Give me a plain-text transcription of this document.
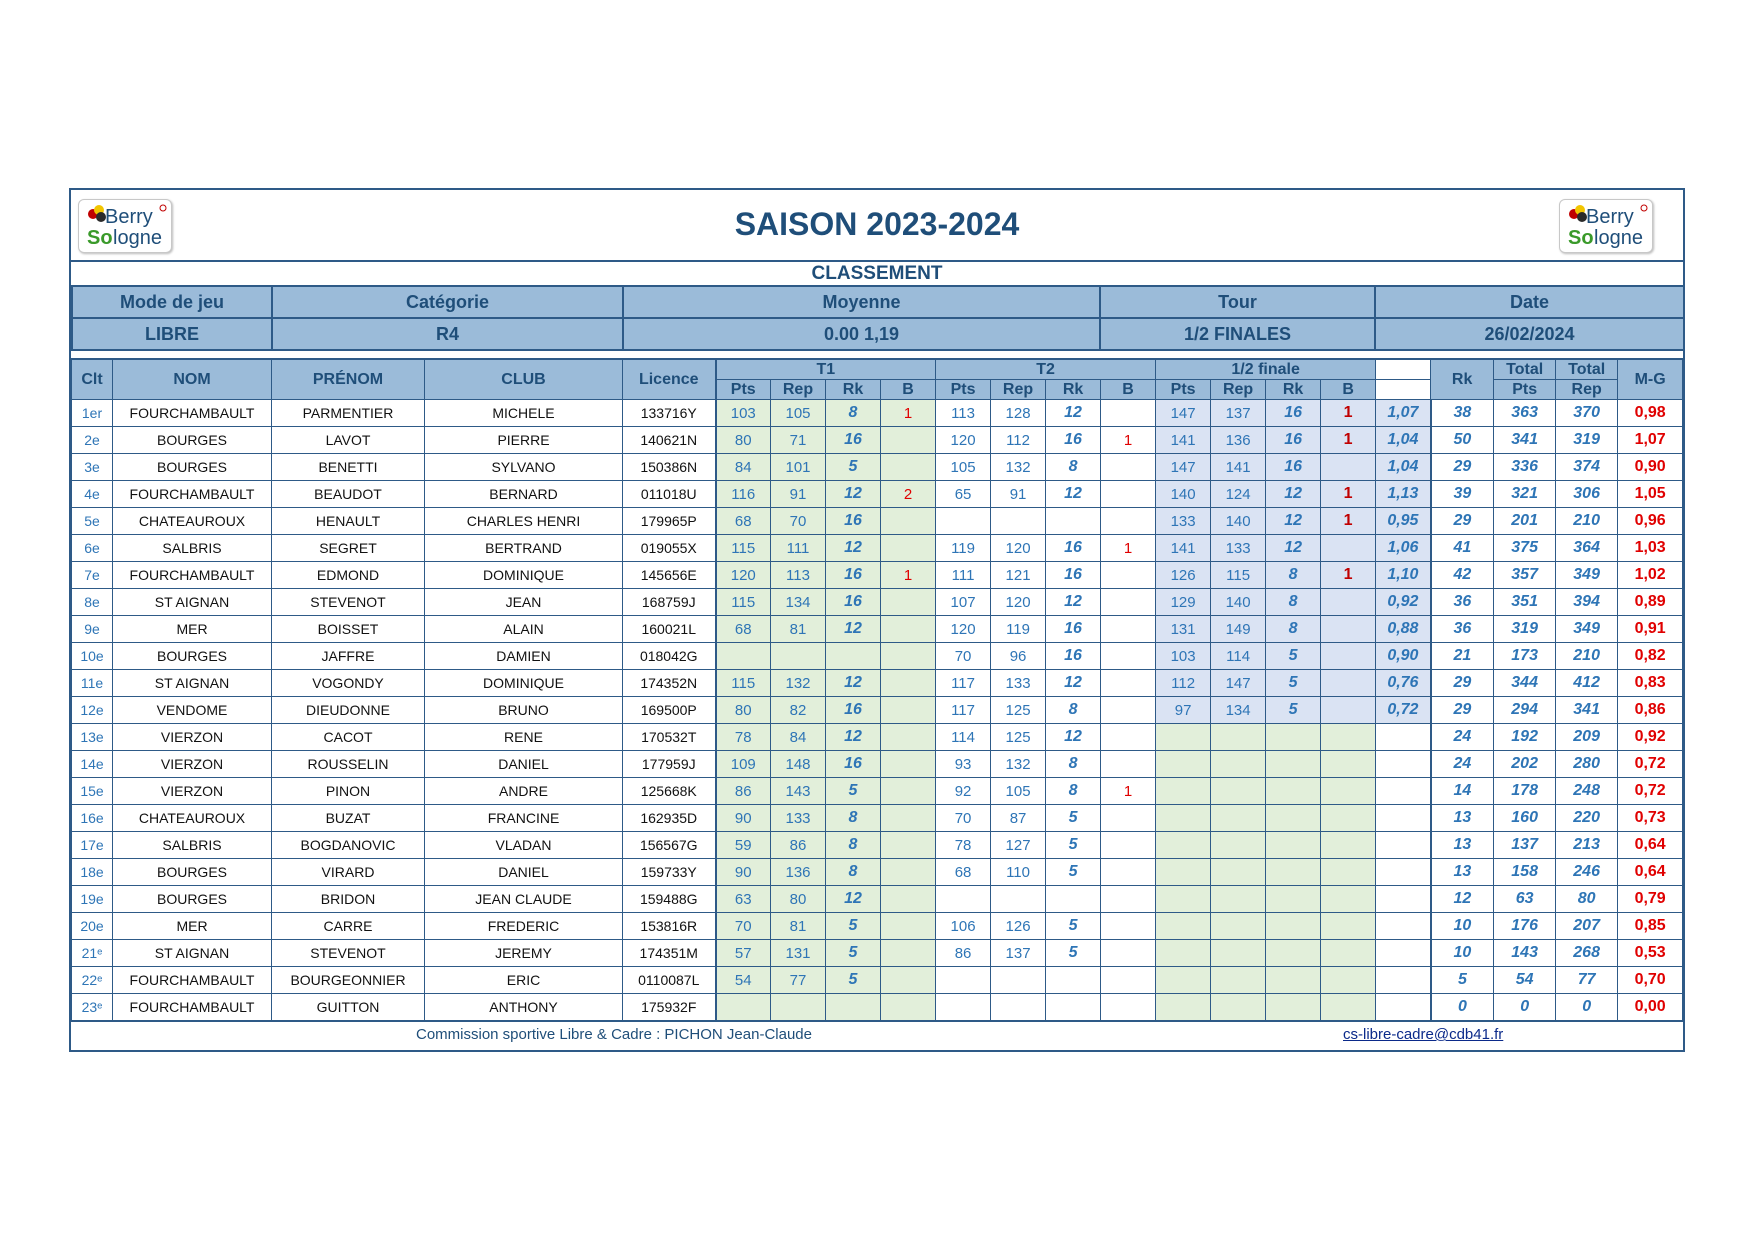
Berry
So logne	SAISON 2023-2024	Berry
So logne
CLASSEMENT
Mode de jeu	Catégorie	Moyenne	Tour	Date
LIBRE	R4	0.00 1,19	1/2 FINALES	26/02/2024
Clt	NOM	PRÉNOM	CLUB	Licence	T1				T2				1/2 finale					Rk	Total	Total	M-G
					Pts	Rep	Rk	B	Pts	Rep	Rk	B	Pts	Rep	Rk	B			Pts	Rep	
1er	FOURCHAMBAULT	PARMENTIER	MICHELE	133716Y	103	105	8	1	113	128	12		147	137	16	1	1,07	38	363	370	0,98
2e	BOURGES	LAVOT	PIERRE	140621N	80	71	16		120	112	16	1	141	136	16	1	1,04	50	341	319	1,07
3e	BOURGES	BENETTI	SYLVANO	150386N	84	101	5		105	132	8		147	141	16		1,04	29	336	374	0,90
4e	FOURCHAMBAULT	BEAUDOT	BERNARD	011018U	116	91	12	2	65	91	12		140	124	12	1	1,13	39	321	306	1,05
5e	CHATEAUROUX	HENAULT	CHARLES HENRI	179965P	68	70	16						133	140	12	1	0,95	29	201	210	0,96
6e	SALBRIS	SEGRET	BERTRAND	019055X	115	111	12		119	120	16	1	141	133	12		1,06	41	375	364	1,03
7e	FOURCHAMBAULT	EDMOND	DOMINIQUE	145656E	120	113	16	1	111	121	16		126	115	8	1	1,10	42	357	349	1,02
8e	ST AIGNAN	STEVENOT	JEAN	168759J	115	134	16		107	120	12		129	140	8		0,92	36	351	394	0,89
9e	MER	BOISSET	ALAIN	160021L	68	81	12		120	119	16		131	149	8		0,88	36	319	349	0,91
10e	BOURGES	JAFFRE	DAMIEN	018042G					70	96	16		103	114	5		0,90	21	173	210	0,82
11e	ST AIGNAN	VOGONDY	DOMINIQUE	174352N	115	132	12		117	133	12		112	147	5		0,76	29	344	412	0,83
12e	VENDOME	DIEUDONNE	BRUNO	169500P	80	82	16		117	125	8		97	134	5		0,72	29	294	341	0,86
13e	VIERZON	CACOT	RENE	170532T	78	84	12		114	125	12							24	192	209	0,92
14e	VIERZON	ROUSSELIN	DANIEL	177959J	109	148	16		93	132	8							24	202	280	0,72
15e	VIERZON	PINON	ANDRE	125668K	86	143	5		92	105	8	1						14	178	248	0,72
16e	CHATEAUROUX	BUZAT	FRANCINE	162935D	90	133	8		70	87	5							13	160	220	0,73
17e	SALBRIS	BOGDANOVIC	VLADAN	156567G	59	86	8		78	127	5							13	137	213	0,64
18e	BOURGES	VIRARD	DANIEL	159733Y	90	136	8		68	110	5							13	158	246	0,64
19e	BOURGES	BRIDON	JEAN CLAUDE	159488G	63	80	12											12	63	80	0,79
20e	MER	CARRE	FREDERIC	153816R	70	81	5		106	126	5							10	176	207	0,85
21ᵉ	ST AIGNAN	STEVENOT	JEREMY	174351M	57	131	5		86	137	5							10	143	268	0,53
22ᵉ	FOURCHAMBAULT	BOURGEONNIER	ERIC	0110087L	54	77	5											5	54	77	0,70
23ᵉ	FOURCHAMBAULT	GUITTON	ANTHONY	175932F														0	0	0	0,00
Commission sportive Libre & Cadre : PICHON Jean-Claude	cs-libre-cadre@cdb41.fr
